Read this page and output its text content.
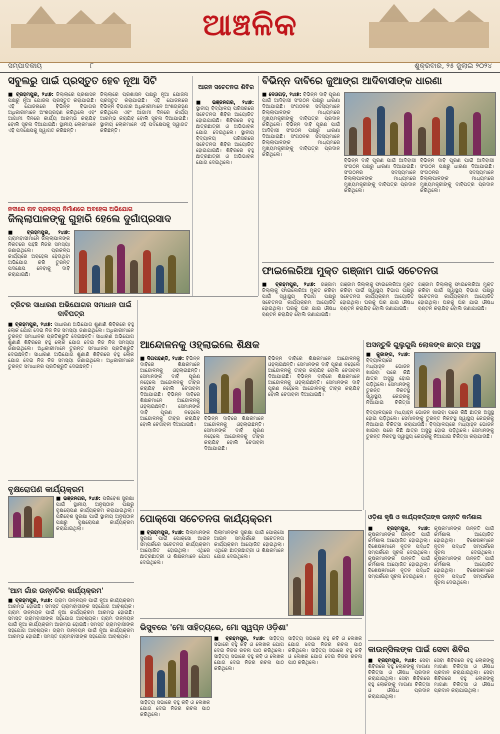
ଆଞ୍ଚଳିକ
ସମ୍ପାଦକୀୟ	୮	ଶୁକ୍ରବାର, ୨୫ ଜୁଲାଇ ୨୦୨୪
ସବୁଲରୁ ପାଇଁ ପ୍ରସ୍ତୁତ ହେବ ନୂଆ ସିଟି
■ ବ୍ରହ୍ମପୁର, ୨୪ା୭: ଜିଲ୍ଲାରେ ପ୍ରଶାସନ ପକ୍ଷରୁ ନୂଆ ଯୋଜନା ପ୍ରସ୍ତୁତ କରାଯାଇଛି। ଏହି ଯୋଜନାରେ ବିଭିନ୍ନ ବିଭାଗର ଅଧିକାରୀମାନେ ଅଂଶଗ୍ରହଣ କରିଥିଲେ ଏବଂ ଆଗାମୀ ଦିନରେ କାର୍ଯ୍ୟ ଆରମ୍ଭ କରାଯିବ ବୋଲି ସୂଚନା ଦିଆଯାଇଛି। ସ୍ଥାନୀୟ ଲୋକମାନେ ଏହି ପଦକ୍ଷେପକୁ ସ୍ୱାଗତ କରିଛନ୍ତି।
ଜିଲ୍ଲାରେ ପ୍ରଶାସନ ପକ୍ଷରୁ ନୂଆ ଯୋଜନା ପ୍ରସ୍ତୁତ କରାଯାଇଛି। ଏହି ଯୋଜନାରେ ବିଭିନ୍ନ ବିଭାଗର ଅଧିକାରୀମାନେ ଅଂଶଗ୍ରହଣ କରିଥିଲେ ଏବଂ ଆଗାମୀ ଦିନରେ କାର୍ଯ୍ୟ ଆରମ୍ଭ କରାଯିବ ବୋଲି ସୂଚନା ଦିଆଯାଇଛି। ସ୍ଥାନୀୟ ଲୋକମାନେ ଏହି ପଦକ୍ଷେପକୁ ସ୍ୱାଗତ କରିଛନ୍ତି।
ଆଜନ ସଚେତନତା ଶିବିର
■ ଭଞ୍ଜନଗର, ୨୪ା୭: ସ୍ଥାନୀୟ ବିଦ୍ୟାଳୟ ପରିସରରେ ସଚେତନତା ଶିବିର ଆୟୋଜିତ ହୋଇଯାଇଛି। ଶିବିରରେ ବହୁ ଛାତ୍ରଛାତ୍ରୀ ଓ ଅଭିଭାବକ ଯୋଗ ଦେଇଥିଲେ। ସ୍ଥାନୀୟ ବିଦ୍ୟାଳୟ ପରିସରରେ ସଚେତନତା ଶିବିର ଆୟୋଜିତ ହୋଇଯାଇଛି। ଶିବିରରେ ବହୁ ଛାତ୍ରଛାତ୍ରୀ ଓ ଅଭିଭାବକ ଯୋଗ ଦେଇଥିଲେ।
ବିଭିନ୍ନ ଦାବିରେ ଜୁଆଙ୍ଗ ଆଦିବାସୀଙ୍କ ଧାରଣା
■ ଦେଓଗଡ଼, ୨୪ା୭: ବିଭିନ୍ନ ଦାବି ପୂରଣ ପାଇଁ ଆଦିବାସୀ ସଂଗଠନ ପକ୍ଷରୁ ଧାରଣା ଦିଆଯାଇଛି। ସଂଗଠନର ସଦସ୍ୟମାନେ ଜିଲ୍ଲାପାଳଙ୍କ ମାଧ୍ୟମରେ ମୁଖ୍ୟମନ୍ତ୍ରୀଙ୍କୁ ଦାବିପତ୍ର ପ୍ରଦାନ କରିଥିଲେ। ବିଭିନ୍ନ ଦାବି ପୂରଣ ପାଇଁ ଆଦିବାସୀ ସଂଗଠନ ପକ୍ଷରୁ ଧାରଣା ଦିଆଯାଇଛି। ସଂଗଠନର ସଦସ୍ୟମାନେ ଜିଲ୍ଲାପାଳଙ୍କ ମାଧ୍ୟମରେ ମୁଖ୍ୟମନ୍ତ୍ରୀଙ୍କୁ ଦାବିପତ୍ର ପ୍ରଦାନ କରିଥିଲେ।
ବିଭିନ୍ନ ଦାବି ପୂରଣ ପାଇଁ ଆଦିବାସୀ ସଂଗଠନ ପକ୍ଷରୁ ଧାରଣା ଦିଆଯାଇଛି। ସଂଗଠନର ସଦସ୍ୟମାନେ ଜିଲ୍ଲାପାଳଙ୍କ ମାଧ୍ୟମରେ ମୁଖ୍ୟମନ୍ତ୍ରୀଙ୍କୁ ଦାବିପତ୍ର ପ୍ରଦାନ କରିଥିଲେ।
ବିଭିନ୍ନ ଦାବି ପୂରଣ ପାଇଁ ଆଦିବାସୀ ସଂଗଠନ ପକ୍ଷରୁ ଧାରଣା ଦିଆଯାଇଛି। ସଂଗଠନର ସଦସ୍ୟମାନେ ଜିଲ୍ଲାପାଳଙ୍କ ମାଧ୍ୟମରେ ମୁଖ୍ୟମନ୍ତ୍ରୀଙ୍କୁ ଦାବିପତ୍ର ପ୍ରଦାନ କରିଥିଲେ।
ନଦୀରେ ନାବ ପ୍ରକଳ୍ପ ନିର୍ମାଣରେ ଅବହେଳା ଅଭିଯୋଗ
ଜିଲ୍ଲାପାଳଙ୍କୁ ଗୁହାରି ହେଲେ ଦୁର୍ଗାପ୍ରସାଦ
■ ବ୍ରହ୍ମପୁର, ୨୪ା୭: ଗ୍ରାମବାସୀମାନେ ଜିଲ୍ଲାପାଳଙ୍କ ନିକଟରେ ପହଞ୍ଚି ନିଜର ସମସ୍ୟା ଜଣାଇଥିଲେ। ପ୍ରକଳ୍ପ କାର୍ଯ୍ୟରେ ଅବହେଳା ହେଉଥିବା ଅଭିଯୋଗ କରି ତୁରନ୍ତ ପଦକ୍ଷେପ ନେବାକୁ ଦାବି କରାଯାଇଛି।	ଫାଇଲେରିଆ ମୁକ୍ତ ଗଞ୍ଜାମ ପାଇଁ ସଚେତନତା
■ ବ୍ରହ୍ମପୁର, ୨୪ା୭: ଗଞ୍ଜାମ ଜିଲ୍ଲାକୁ ଫାଇଲେରିଆ ମୁକ୍ତ କରିବା ପାଇଁ ସ୍ୱାସ୍ଥ୍ୟ ବିଭାଗ ପକ୍ଷରୁ ସଚେତନତା କାର୍ଯ୍ୟକ୍ରମ ଆୟୋଜିତ ହୋଇଥିଲା। ଘରକୁ ଘର ଯାଇ ଔଷଧ ବଣ୍ଟନ କରାଯିବ ବୋଲି ଜଣାଯାଇଛି।
ଗଞ୍ଜାମ ଜିଲ୍ଲାକୁ ଫାଇଲେରିଆ ମୁକ୍ତ କରିବା ପାଇଁ ସ୍ୱାସ୍ଥ୍ୟ ବିଭାଗ ପକ୍ଷରୁ ସଚେତନତା କାର୍ଯ୍ୟକ୍ରମ ଆୟୋଜିତ ହୋଇଥିଲା। ଘରକୁ ଘର ଯାଇ ଔଷଧ ବଣ୍ଟନ କରାଯିବ ବୋଲି ଜଣାଯାଇଛି।
ଗଞ୍ଜାମ ଜିଲ୍ଲାକୁ ଫାଇଲେରିଆ ମୁକ୍ତ କରିବା ପାଇଁ ସ୍ୱାସ୍ଥ୍ୟ ବିଭାଗ ପକ୍ଷରୁ ସଚେତନତା କାର୍ଯ୍ୟକ୍ରମ ଆୟୋଜିତ ହୋଇଥିଲା। ଘରକୁ ଘର ଯାଇ ଔଷଧ ବଣ୍ଟନ କରାଯିବ ବୋଲି ଜଣାଯାଇଛି।
ଟ୍ରିଟର ସାଧାରଣ ଅଭିଯୋଗର ସମାଧାନ ପାଇଁ ଦାବିପତ୍ର
■ ବ୍ରହ୍ମପୁର, ୨୪ା୭: ସାଧାରଣ ଅଭିଯୋଗ ଶୁଣାଣି ଶିବିରରେ ବହୁ ଲୋକ ଯୋଗ ଦେଇ ନିଜ ନିଜ ସମସ୍ୟା ଜଣାଇଥିଲେ। ଅଧିକାରୀମାନେ ତୁରନ୍ତ ସମାଧାନର ପ୍ରତିଶ୍ରୁତି ଦେଇଛନ୍ତି। ସାଧାରଣ ଅଭିଯୋଗ ଶୁଣାଣି ଶିବିରରେ ବହୁ ଲୋକ ଯୋଗ ଦେଇ ନିଜ ନିଜ ସମସ୍ୟା ଜଣାଇଥିଲେ। ଅଧିକାରୀମାନେ ତୁରନ୍ତ ସମାଧାନର ପ୍ରତିଶ୍ରୁତି ଦେଇଛନ୍ତି। ସାଧାରଣ ଅଭିଯୋଗ ଶୁଣାଣି ଶିବିରରେ ବହୁ ଲୋକ ଯୋଗ ଦେଇ ନିଜ ନିଜ ସମସ୍ୟା ଜଣାଇଥିଲେ। ଅଧିକାରୀମାନେ ତୁରନ୍ତ ସମାଧାନର ପ୍ରତିଶ୍ରୁତି ଦେଇଛନ୍ତି।
ଆନ୍ଦୋଳନକୁ ଓହ୍ଲାଇଲେ ଶିକ୍ଷକ
■ ଦିଗପହଣ୍ଡି, ୨୪ା୭: ବିଭିନ୍ନ ଦାବିରେ ଶିକ୍ଷକମାନେ ଆନ୍ଦୋଳନକୁ ଓହ୍ଲାଇଛନ୍ତି। ସେମାନଙ୍କ ଦାବି ପୂରଣ ନହେଲେ ଆନ୍ଦୋଳନକୁ ତୀବ୍ର କରାଯିବ ବୋଲି ଚେତାବନୀ ଦିଆଯାଇଛି। ବିଭିନ୍ନ ଦାବିରେ ଶିକ୍ଷକମାନେ ଆନ୍ଦୋଳନକୁ ଓହ୍ଲାଇଛନ୍ତି। ସେମାନଙ୍କ ଦାବି ପୂରଣ ନହେଲେ ଆନ୍ଦୋଳନକୁ ତୀବ୍ର କରାଯିବ ବୋଲି ଚେତାବନୀ ଦିଆଯାଇଛି।
ବିଭିନ୍ନ ଦାବିରେ ଶିକ୍ଷକମାନେ ଆନ୍ଦୋଳନକୁ ଓହ୍ଲାଇଛନ୍ତି। ସେମାନଙ୍କ ଦାବି ପୂରଣ ନହେଲେ ଆନ୍ଦୋଳନକୁ ତୀବ୍ର କରାଯିବ ବୋଲି ଚେତାବନୀ ଦିଆଯାଇଛି।
ବିଭିନ୍ନ ଦାବିରେ ଶିକ୍ଷକମାନେ ଆନ୍ଦୋଳନକୁ ଓହ୍ଲାଇଛନ୍ତି। ସେମାନଙ୍କ ଦାବି ପୂରଣ ନହେଲେ ଆନ୍ଦୋଳନକୁ ତୀବ୍ର କରାଯିବ ବୋଲି ଚେତାବନୀ ଦିଆଯାଇଛି। ବିଭିନ୍ନ ଦାବିରେ ଶିକ୍ଷକମାନେ ଆନ୍ଦୋଳନକୁ ଓହ୍ଲାଇଛନ୍ତି। ସେମାନଙ୍କ ଦାବି ପୂରଣ ନହେଲେ ଆନ୍ଦୋଳନକୁ ତୀବ୍ର କରାଯିବ ବୋଲି ଚେତାବନୀ ଦିଆଯାଇଛି।
ଅସନ୍ତୁଳି ଗୁଲୁଗୁଲି ଲୋକଙ୍କ ଛାତ୍ର ଅସୁସ୍ଥ
■ କୁଜାଙ୍ଗ, ୨୪ା୭: ବିଦ୍ୟାଳୟରେ ମଧ୍ୟାହ୍ନ ଭୋଜନ ଖାଇବା ପରେ କିଛି ଛାତ୍ର ଅସୁସ୍ଥ ହୋଇ ପଡ଼ିଥିଲେ। ସେମାନଙ୍କୁ ତୁରନ୍ତ ନିକଟସ୍ଥ ସ୍ୱାସ୍ଥ୍ୟ କେନ୍ଦ୍ରକୁ ନିଆଯାଇ ଚିକିତ୍ସା
ବିଦ୍ୟାଳୟରେ ମଧ୍ୟାହ୍ନ ଭୋଜନ ଖାଇବା ପରେ କିଛି ଛାତ୍ର ଅସୁସ୍ଥ ହୋଇ ପଡ଼ିଥିଲେ। ସେମାନଙ୍କୁ ତୁରନ୍ତ ନିକଟସ୍ଥ ସ୍ୱାସ୍ଥ୍ୟ କେନ୍ଦ୍ରକୁ ନିଆଯାଇ ଚିକିତ୍ସା କରାଯାଉଛି। ବିଦ୍ୟାଳୟରେ ମଧ୍ୟାହ୍ନ ଭୋଜନ ଖାଇବା ପରେ କିଛି ଛାତ୍ର ଅସୁସ୍ଥ ହୋଇ ପଡ଼ିଥିଲେ। ସେମାନଙ୍କୁ ତୁରନ୍ତ ନିକଟସ୍ଥ ସ୍ୱାସ୍ଥ୍ୟ କେନ୍ଦ୍ରକୁ ନିଆଯାଇ ଚିକିତ୍ସା କରାଯାଉଛି।
ବୃକ୍ଷରୋପଣ କାର୍ଯ୍ୟକ୍ରମ
■ ଭଞ୍ଜନଗର, ୨୪ା୭: ପରିବେଶ ସୁରକ୍ଷା ପାଇଁ ସ୍ଥାନୀୟ ଅନୁଷ୍ଠାନ ପକ୍ଷରୁ ବୃକ୍ଷରୋପଣ କାର୍ଯ୍ୟକ୍ରମ କରାଯାଇଥିଲା। ପରିବେଶ ସୁରକ୍ଷା ପାଇଁ ସ୍ଥାନୀୟ ଅନୁଷ୍ଠାନ ପକ୍ଷରୁ ବୃକ୍ଷରୋପଣ କାର୍ଯ୍ୟକ୍ରମ କରାଯାଇଥିଲା।
ପୋକ୍ସୋ ସଚେତନତା କାର୍ଯ୍ୟକ୍ରମ
■ ବ୍ରହ୍ମପୁର, ୨୪ା୭: ପିଲାମାନଙ୍କ ସୁରକ୍ଷା ପାଇଁ ପୋକ୍ସୋ ଆଇନ ସମ୍ପର୍କରେ ସଚେତନତା କାର୍ଯ୍ୟକ୍ରମ ଆୟୋଜିତ ହୋଇଥିଲା। ଏଥିରେ ଛାତ୍ରଛାତ୍ରୀ ଓ ଶିକ୍ଷକମାନେ ଯୋଗ ଦେଇଥିଲେ।
ପିଲାମାନଙ୍କ ସୁରକ୍ଷା ପାଇଁ ପୋକ୍ସୋ ଆଇନ ସମ୍ପର୍କରେ ସଚେତନତା କାର୍ଯ୍ୟକ୍ରମ ଆୟୋଜିତ ହୋଇଥିଲା। ଏଥିରେ ଛାତ୍ରଛାତ୍ରୀ ଓ ଶିକ୍ଷକମାନେ ଯୋଗ ଦେଇଥିଲେ।
ଓଡ଼ିଶା କୃଷି ଓ କାର୍ଯ୍ୟକର୍ତ୍ତାଙ୍କ ଉନ୍ନତି କର୍ମଶାଳା
■ ବ୍ରହ୍ମପୁର, ୨୪ା୭: କୃଷକମାନଙ୍କ ଉନ୍ନତି ପାଇଁ କର୍ମଶାଳା ଆୟୋଜିତ ହୋଇଥିଲା। ବିଶେଷଜ୍ଞମାନେ ନୂତନ ପଦ୍ଧତି ସମ୍ପର୍କରେ ସୂଚନା ଦେଇଥିଲେ। କୃଷକମାନଙ୍କ ଉନ୍ନତି ପାଇଁ କର୍ମଶାଳା ଆୟୋଜିତ ହୋଇଥିଲା। ବିଶେଷଜ୍ଞମାନେ ନୂତନ ପଦ୍ଧତି ସମ୍ପର୍କରେ ସୂଚନା ଦେଇଥିଲେ।
କୃଷକମାନଙ୍କ ଉନ୍ନତି ପାଇଁ କର୍ମଶାଳା ଆୟୋଜିତ ହୋଇଥିଲା। ବିଶେଷଜ୍ଞମାନେ ନୂତନ ପଦ୍ଧତି ସମ୍ପର୍କରେ ସୂଚନା ଦେଇଥିଲେ। କୃଷକମାନଙ୍କ ଉନ୍ନତି ପାଇଁ କର୍ମଶାଳା ଆୟୋଜିତ ହୋଇଥିଲା। ବିଶେଷଜ୍ଞମାନେ ନୂତନ ପଦ୍ଧତି ସମ୍ପର୍କରେ ସୂଚନା ଦେଇଥିଲେ।
'ଆମ ଗାଁର ଉନ୍ନତିର କାର୍ଯ୍ୟକ୍ରମ'
■ ବ୍ରହ୍ମପୁର, ୨୪ା୭: ଗ୍ରାମ ଉନ୍ନୟନ ପାଇଁ ନୂଆ କାର୍ଯ୍ୟକ୍ରମ ଆରମ୍ଭ ହୋଇଛି। ସମସ୍ତ ଗ୍ରାମବାସୀଙ୍କ ସହଯୋଗ ଆବଶ୍ୟକ। ଗ୍ରାମ ଉନ୍ନୟନ ପାଇଁ ନୂଆ କାର୍ଯ୍ୟକ୍ରମ ଆରମ୍ଭ ହୋଇଛି। ସମସ୍ତ ଗ୍ରାମବାସୀଙ୍କ ସହଯୋଗ ଆବଶ୍ୟକ। ଗ୍ରାମ ଉନ୍ନୟନ ପାଇଁ ନୂଆ କାର୍ଯ୍ୟକ୍ରମ ଆରମ୍ଭ ହୋଇଛି। ସମସ୍ତ ଗ୍ରାମବାସୀଙ୍କ ସହଯୋଗ ଆବଶ୍ୟକ। ଗ୍ରାମ ଉନ୍ନୟନ ପାଇଁ ନୂଆ କାର୍ଯ୍ୟକ୍ରମ ଆରମ୍ଭ ହୋଇଛି। ସମସ୍ତ ଗ୍ରାମବାସୀଙ୍କ ସହଯୋଗ ଆବଶ୍ୟକ।
ଭିସୁବରେ 'ମୋ ସାହିତ୍ୟରେ, ମୋ ସ୍ୱପ୍ନ ଓଡ଼ିଶା'
■ ବ୍ରହ୍ମପୁର, ୨୪ା୭: ସାହିତ୍ୟ ସଭାରେ ବହୁ କବି ଓ ଲେଖକ ଯୋଗ ଦେଇ ନିଜର ରଚନା ପାଠ କରିଥିଲେ। ସାହିତ୍ୟ ସଭାରେ ବହୁ କବି ଓ ଲେଖକ ଯୋଗ ଦେଇ ନିଜର ରଚନା ପାଠ କରିଥିଲେ।
ସାହିତ୍ୟ ସଭାରେ ବହୁ କବି ଓ ଲେଖକ ଯୋଗ ଦେଇ ନିଜର ରଚନା ପାଠ କରିଥିଲେ। ସାହିତ୍ୟ ସଭାରେ ବହୁ କବି ଓ ଲେଖକ ଯୋଗ ଦେଇ ନିଜର ରଚନା ପାଠ କରିଥିଲେ।
ସାହିତ୍ୟ ସଭାରେ ବହୁ କବି ଓ ଲେଖକ ଯୋଗ ଦେଇ ନିଜର ରଚନା ପାଠ କରିଥିଲେ।
କାଉନ୍ସିଲଙ୍କ ପାଇଁ ସେବା ଶିବିର
■ ବ୍ରହ୍ମପୁର, ୨୪ା୭: ସେବା ଶିବିରରେ ବହୁ ଲୋକଙ୍କୁ ମାଗଣା ଚିକିତ୍ସା ଓ ଔଷଧ ପ୍ରଦାନ କରାଯାଇଥିଲା। ସେବା ଶିବିରରେ ବହୁ ଲୋକଙ୍କୁ ମାଗଣା ଚିକିତ୍ସା ଓ ଔଷଧ ପ୍ରଦାନ କରାଯାଇଥିଲା।
ସେବା ଶିବିରରେ ବହୁ ଲୋକଙ୍କୁ ମାଗଣା ଚିକିତ୍ସା ଓ ଔଷଧ ପ୍ରଦାନ କରାଯାଇଥିଲା। ସେବା ଶିବିରରେ ବହୁ ଲୋକଙ୍କୁ ମାଗଣା ଚିକିତ୍ସା ଓ ଔଷଧ ପ୍ରଦାନ କରାଯାଇଥିଲା।
